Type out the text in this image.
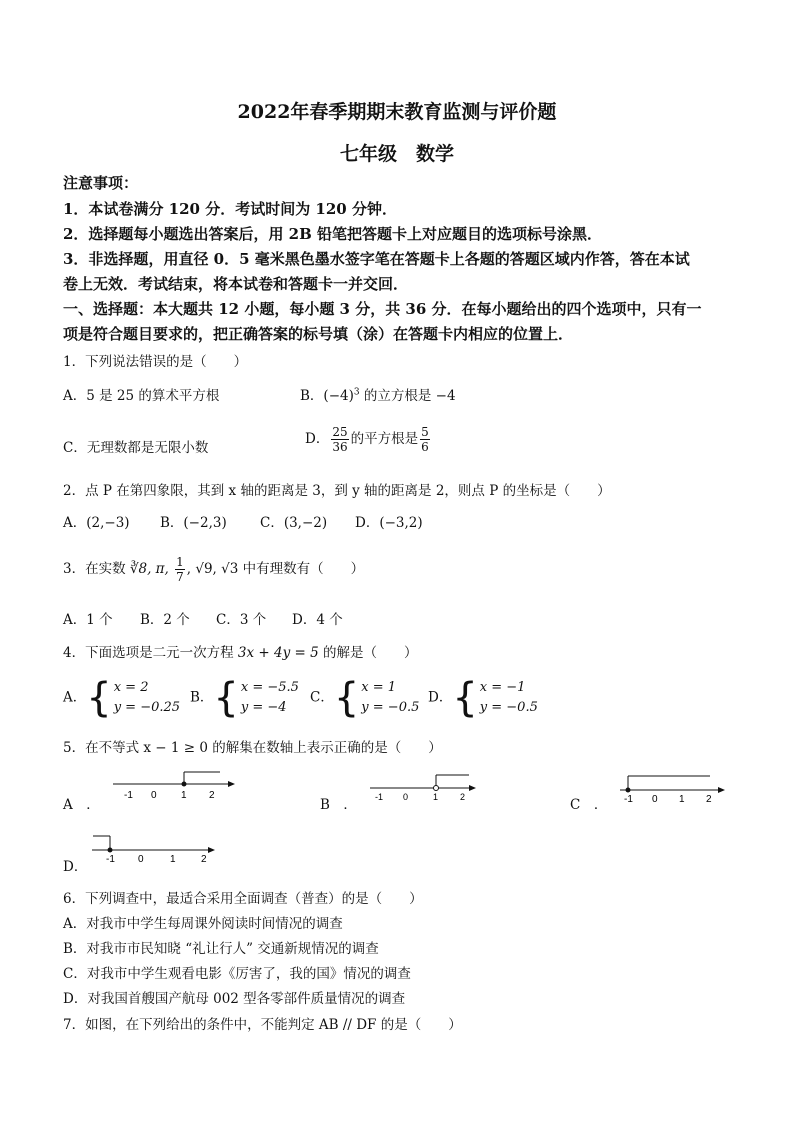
2022年春季期期末教育监测与评价题
七年级　数学
注意事项：
1．本试卷满分 120 分．考试时间为 120 分钟．
2．选择题每小题选出答案后，用 2B 铅笔把答题卡上对应题目的选项标号涂黑．
3．非选择题，用直径 0．5 毫米黑色墨水签字笔在答题卡上各题的答题区域内作答，答在本试
卷上无效．考试结束，将本试卷和答题卡一并交回．
一、选择题：本大题共 12 小题，每小题 3 分，共 36 分．在每小题给出的四个选项中，只有一
项是符合题目要求的，把正确答案的标号填（涂）在答题卡内相应的位置上．
1．下列说法错误的是（　　）
A．5 是 25 的算术平方根	B．$(-4)^3$ 的立方根是 −4
C．无理数都是无限小数
D． $\frac{25}{36}$ 的平方根是 $\frac{5}{6}$
2．点 P 在第四象限，其到 x 轴的距离是 3，到 y 轴的距离是 2，则点 P 的坐标是（　　）
A．(2,−3) B．(−2,3) C．(3,−2) D．(−3,2)
3．在实数 ∛8, π, $\frac{1}{7}$ , √9, √3 中有理数有（　　）
A．1 个 B．2 个 C．3 个 D．4 个
4．下面选项是二元一次方程 3x + 4y = 5 的解是（　　）
A． { x = 2
y = −0.25
B． { x = −5.5
y = −4
C． { x = 1
y = −0.5
D． { x = −1
y = −0.5
5．在不等式 x − 1 ≥ 0 的解集在数轴上表示正确的是（　　）
A　．
-1 0 1 2
B　． -1 0	1 2	C　． -1 0 1 2
D． -1 0	1	2
6．下列调查中，最适合采用全面调查（普查）的是（　　）
A．对我市中学生每周课外阅读时间情况的调查
B．对我市市民知晓 “礼让行人” 交通新规情况的调查
C．对我市中学生观看电影《厉害了，我的国》情况的调查
D．对我国首艘国产航母 002 型各零部件质量情况的调查
7．如图，在下列给出的条件中，不能判定 AB // DF 的是（　　）
